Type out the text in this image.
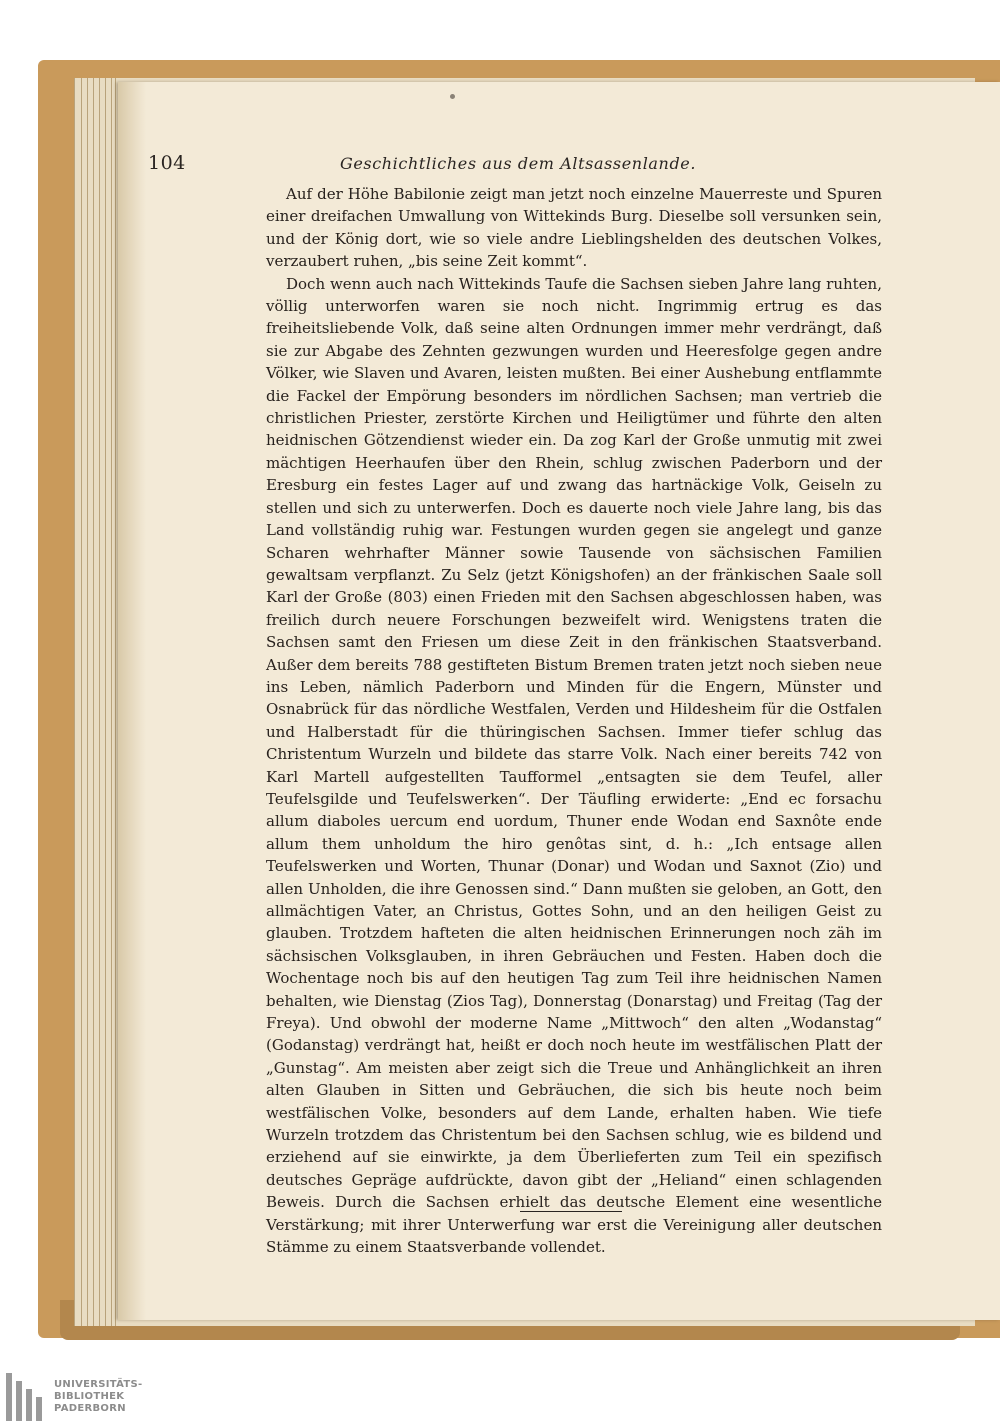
104	Geschichtliches aus dem Altsassenlande.

Auf der Höhe Babilonie zeigt man jetzt noch einzelne Mauerreste und Spuren einer dreifachen Umwallung von Wittekinds Burg. Dieselbe soll versunken sein, und der König dort, wie so viele andre Lieblingshelden des deutschen Volkes, verzaubert ruhen, „bis seine Zeit kommt“.

Doch wenn auch nach Wittekinds Taufe die Sachsen sieben Jahre lang ruhten, völlig unterworfen waren sie noch nicht. Ingrimmig ertrug es das freiheitsliebende Volk, daß seine alten Ordnungen immer mehr verdrängt, daß sie zur Abgabe des Zehnten gezwungen wurden und Heeresfolge gegen andre Völker, wie Slaven und Avaren, leisten mußten. Bei einer Aushebung entflammte die Fackel der Empörung besonders im nördlichen Sachsen; man vertrieb die christlichen Priester, zerstörte Kirchen und Heiligtümer und führte den alten heidnischen Götzendienst wieder ein. Da zog Karl der Große unmutig mit zwei mächtigen Heerhaufen über den Rhein, schlug zwischen Paderborn und der Eresburg ein festes Lager auf und zwang das hartnäckige Volk, Geiseln zu stellen und sich zu unterwerfen. Doch es dauerte noch viele Jahre lang, bis das Land vollständig ruhig war. Festungen wurden gegen sie angelegt und ganze Scharen wehrhafter Männer sowie Tausende von sächsischen Familien gewaltsam verpflanzt. Zu Selz (jetzt Königshofen) an der fränkischen Saale soll Karl der Große (803) einen Frieden mit den Sachsen abgeschlossen haben, was freilich durch neuere Forschungen bezweifelt wird. Wenigstens traten die Sachsen samt den Friesen um diese Zeit in den fränkischen Staatsverband. Außer dem bereits 788 gestifteten Bistum Bremen traten jetzt noch sieben neue ins Leben, nämlich Paderborn und Minden für die Engern, Münster und Osnabrück für das nördliche Westfalen, Verden und Hildesheim für die Ostfalen und Halberstadt für die thüringischen Sachsen. Immer tiefer schlug das Christentum Wurzeln und bildete das starre Volk. Nach einer bereits 742 von Karl Martell aufgestellten Taufformel „entsagten sie dem Teufel, aller Teufelsgilde und Teufelswerken“. Der Täufling erwiderte: „End ec forsachu allum diaboles uercum end uordum, Thuner ende Wodan end Saxnôte ende allum them unholdum the hiro genôtas sint, d. h.: „Ich entsage allen Teufelswerken und Worten, Thunar (Donar) und Wodan und Saxnot (Zio) und allen Unholden, die ihre Genossen sind.“ Dann mußten sie geloben, an Gott, den allmächtigen Vater, an Christus, Gottes Sohn, und an den heiligen Geist zu glauben. Trotzdem hafteten die alten heidnischen Erinnerungen noch zäh im sächsischen Volksglauben, in ihren Gebräuchen und Festen. Haben doch die Wochentage noch bis auf den heutigen Tag zum Teil ihre heidnischen Namen behalten, wie Dienstag (Zios Tag), Donnerstag (Donarstag) und Freitag (Tag der Freya). Und obwohl der moderne Name „Mittwoch“ den alten „Wodanstag“ (Godanstag) verdrängt hat, heißt er doch noch heute im westfälischen Platt der „Gunstag“. Am meisten aber zeigt sich die Treue und Anhänglichkeit an ihren alten Glauben in Sitten und Gebräuchen, die sich bis heute noch beim westfälischen Volke, besonders auf dem Lande, erhalten haben. Wie tiefe Wurzeln trotzdem das Christentum bei den Sachsen schlug, wie es bildend und erziehend auf sie einwirkte, ja dem Überlieferten zum Teil ein spezifisch deutsches Gepräge aufdrückte, davon gibt der „Heliand“ einen schlagenden Beweis. Durch die Sachsen erhielt das deutsche Element eine wesentliche Verstärkung; mit ihrer Unterwerfung war erst die Vereinigung aller deutschen Stämme zu einem Staatsverbande vollendet.

UNIVERSITÄTS-
BIBLIOTHEK
PADERBORN
